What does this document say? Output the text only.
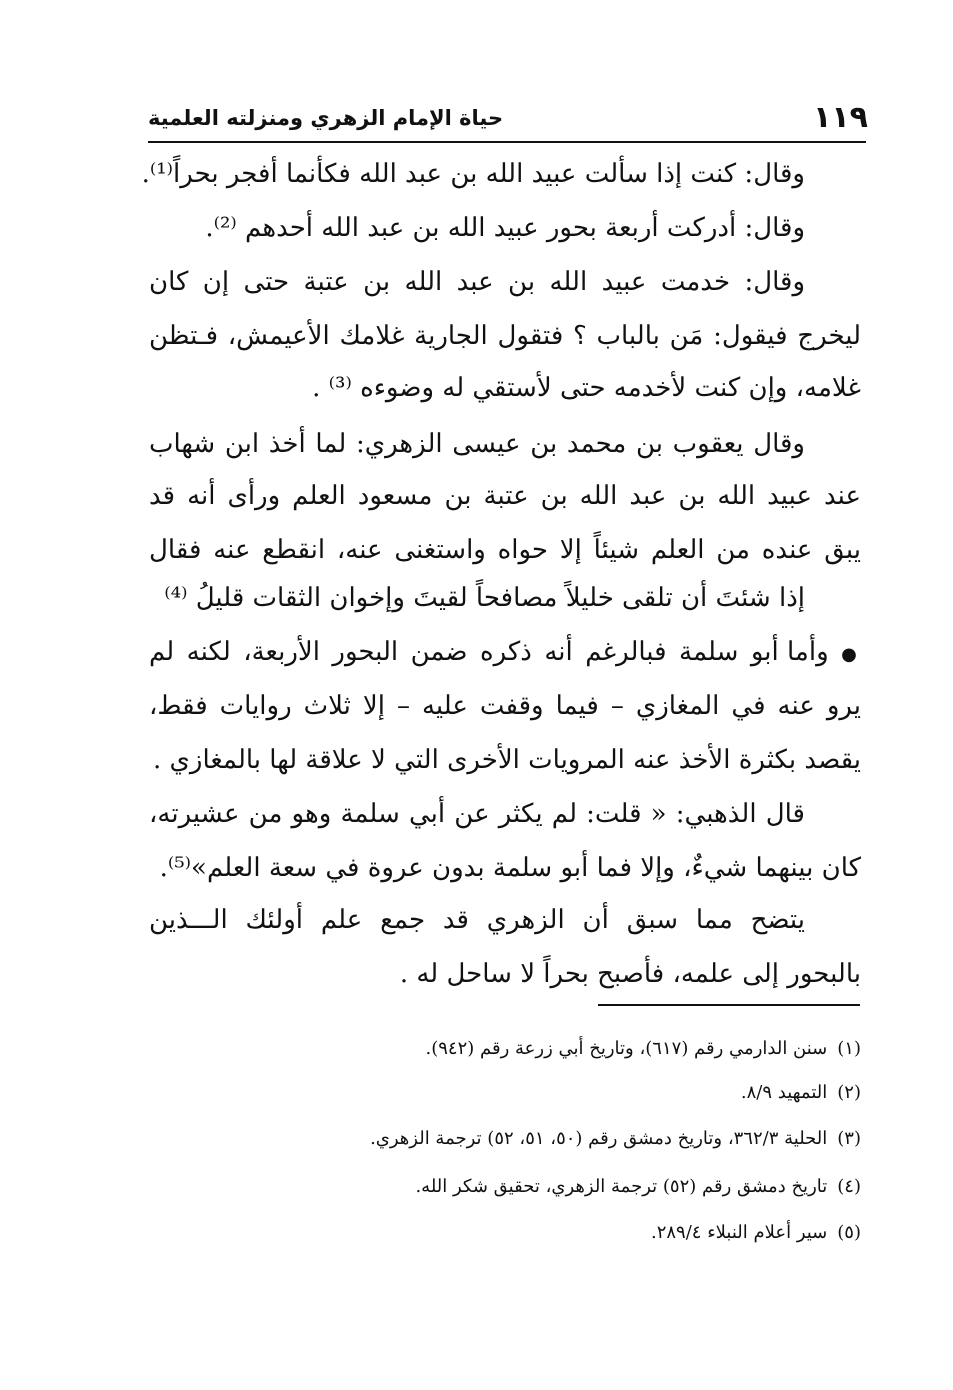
١١٩
حياة الإمام الزهري ومنزلته العلمية
وقال: كنت إذا سألت عبيد الله بن عبد الله فكأنما أفجر بحراً⁽¹⁾.
وقال: أدركت أربعة بحور عبيد الله بن عبد الله أحدهم ⁽²⁾.
وقال: خدمت عبيد الله بن عبد الله بن عتبة حتى إن كان
ليخرج فيقول: مَن بالباب ؟ فتقول الجارية غلامك الأعيمش، فـتظن
غلامه، وإن كنت لأخدمه حتى لأستقي له وضوءه ⁽³⁾ .
وقال يعقوب بن محمد بن عيسى الزهري: لما أخذ ابن شهاب
عند عبيد الله بن عبد الله بن عتبة بن مسعود العلم ورأى أنه قد
يبق عنده من العلم شيئاً إلا حواه واستغنى عنه، انقطع عنه فقال
إذا شئتَ أن تلقى خليلاً مصافحاً لقيتَ وإخوان الثقات قليلُ ⁽⁴⁾
● وأما أبو سلمة فبالرغم أنه ذكره ضمن البحور الأربعة، لكنه لم
يرو عنه في المغازي – فيما وقفت عليه – إلا ثلاث روايات فقط،
يقصد بكثرة الأخذ عنه المرويات الأخرى التي لا علاقة لها بالمغازي .
قال الذهبي: « قلت: لم يكثر عن أبي سلمة وهو من عشيرته،
كان بينهما شيءٌ، وإلا فما أبو سلمة بدون عروة في سعة العلم»⁽⁵⁾.
يتضح مما سبق أن الزهري قد جمع علم أولئك الـــذين
بالبحور إلى علمه، فأصبح بحراً لا ساحل له .
(١)سنن الدارمي رقم (٦١٧)، وتاريخ أبي زرعة رقم (٩٤٢).
(٢)التمهيد ٨/٩.
(٣)الحلية ٣٦٢/٣، وتاريخ دمشق رقم (٥٠، ٥١، ٥٢) ترجمة الزهري.
(٤)تاريخ دمشق رقم (٥٢) ترجمة الزهري، تحقيق شكر الله.
(٥)سير أعلام النبلاء ٢٨٩/٤.
